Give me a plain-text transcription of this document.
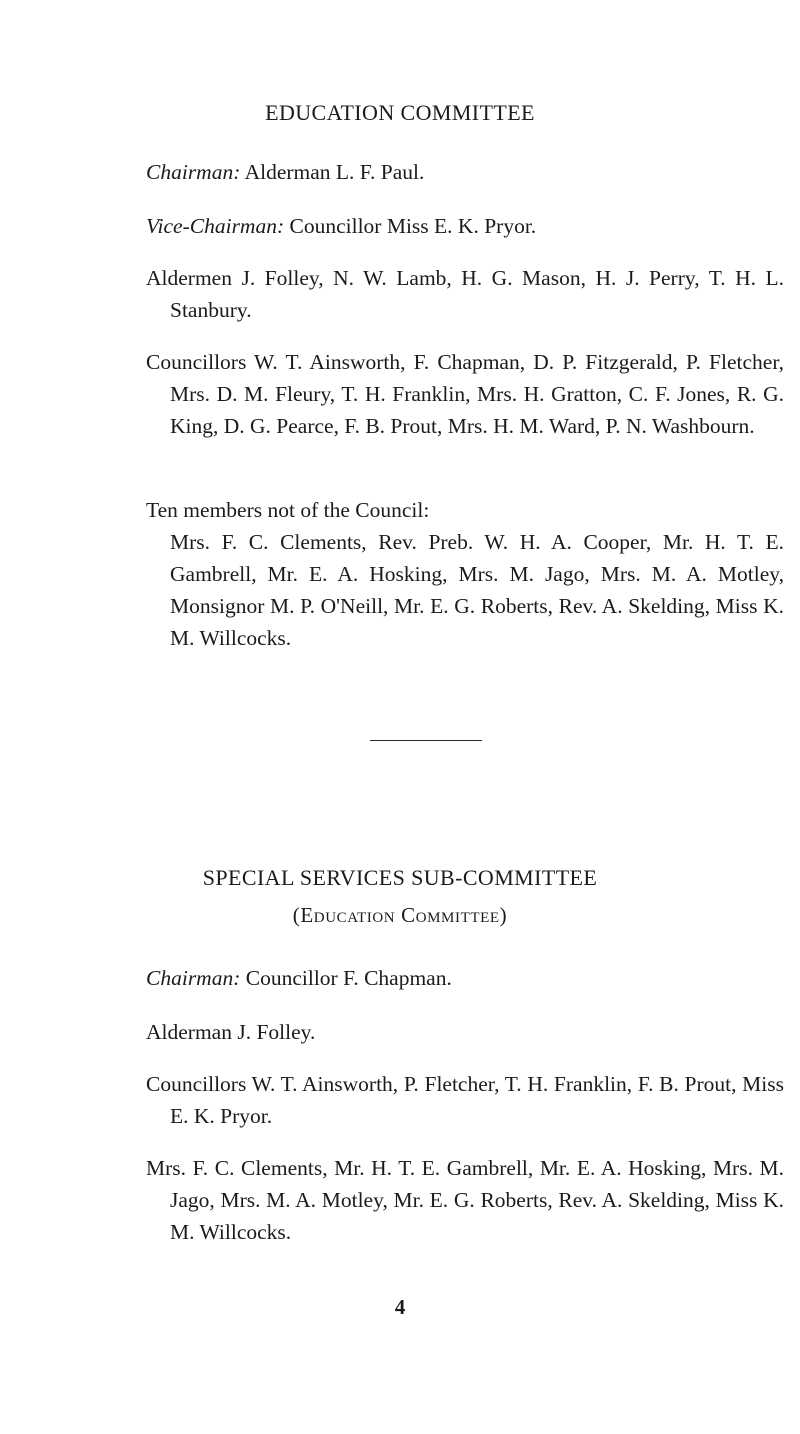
EDUCATION COMMITTEE
Chairman: Alderman L. F. Paul.
Vice-Chairman: Councillor Miss E. K. Pryor.
Aldermen J. Folley, N. W. Lamb, H. G. Mason, H. J. Perry, T. H. L. Stanbury.
Councillors W. T. Ainsworth, F. Chapman, D. P. Fitzgerald, P. Fletcher, Mrs. D. M. Fleury, T. H. Franklin, Mrs. H. Gratton, C. F. Jones, R. G. King, D. G. Pearce, F. B. Prout, Mrs. H. M. Ward, P. N. Washbourn.
Ten members not of the Council:
Mrs. F. C. Clements, Rev. Preb. W. H. A. Cooper, Mr. H. T. E. Gambrell, Mr. E. A. Hosking, Mrs. M. Jago, Mrs. M. A. Motley, Monsignor M. P. O'Neill, Mr. E. G. Roberts, Rev. A. Skelding, Miss K. M. Willcocks.
SPECIAL SERVICES SUB-COMMITTEE
(Education Committee)
Chairman: Councillor F. Chapman.
Alderman J. Folley.
Councillors W. T. Ainsworth, P. Fletcher, T. H. Franklin, F. B. Prout, Miss E. K. Pryor.
Mrs. F. C. Clements, Mr. H. T. E. Gambrell, Mr. E. A. Hosking, Mrs. M. Jago, Mrs. M. A. Motley, Mr. E. G. Roberts, Rev. A. Skelding, Miss K. M. Willcocks.
4
